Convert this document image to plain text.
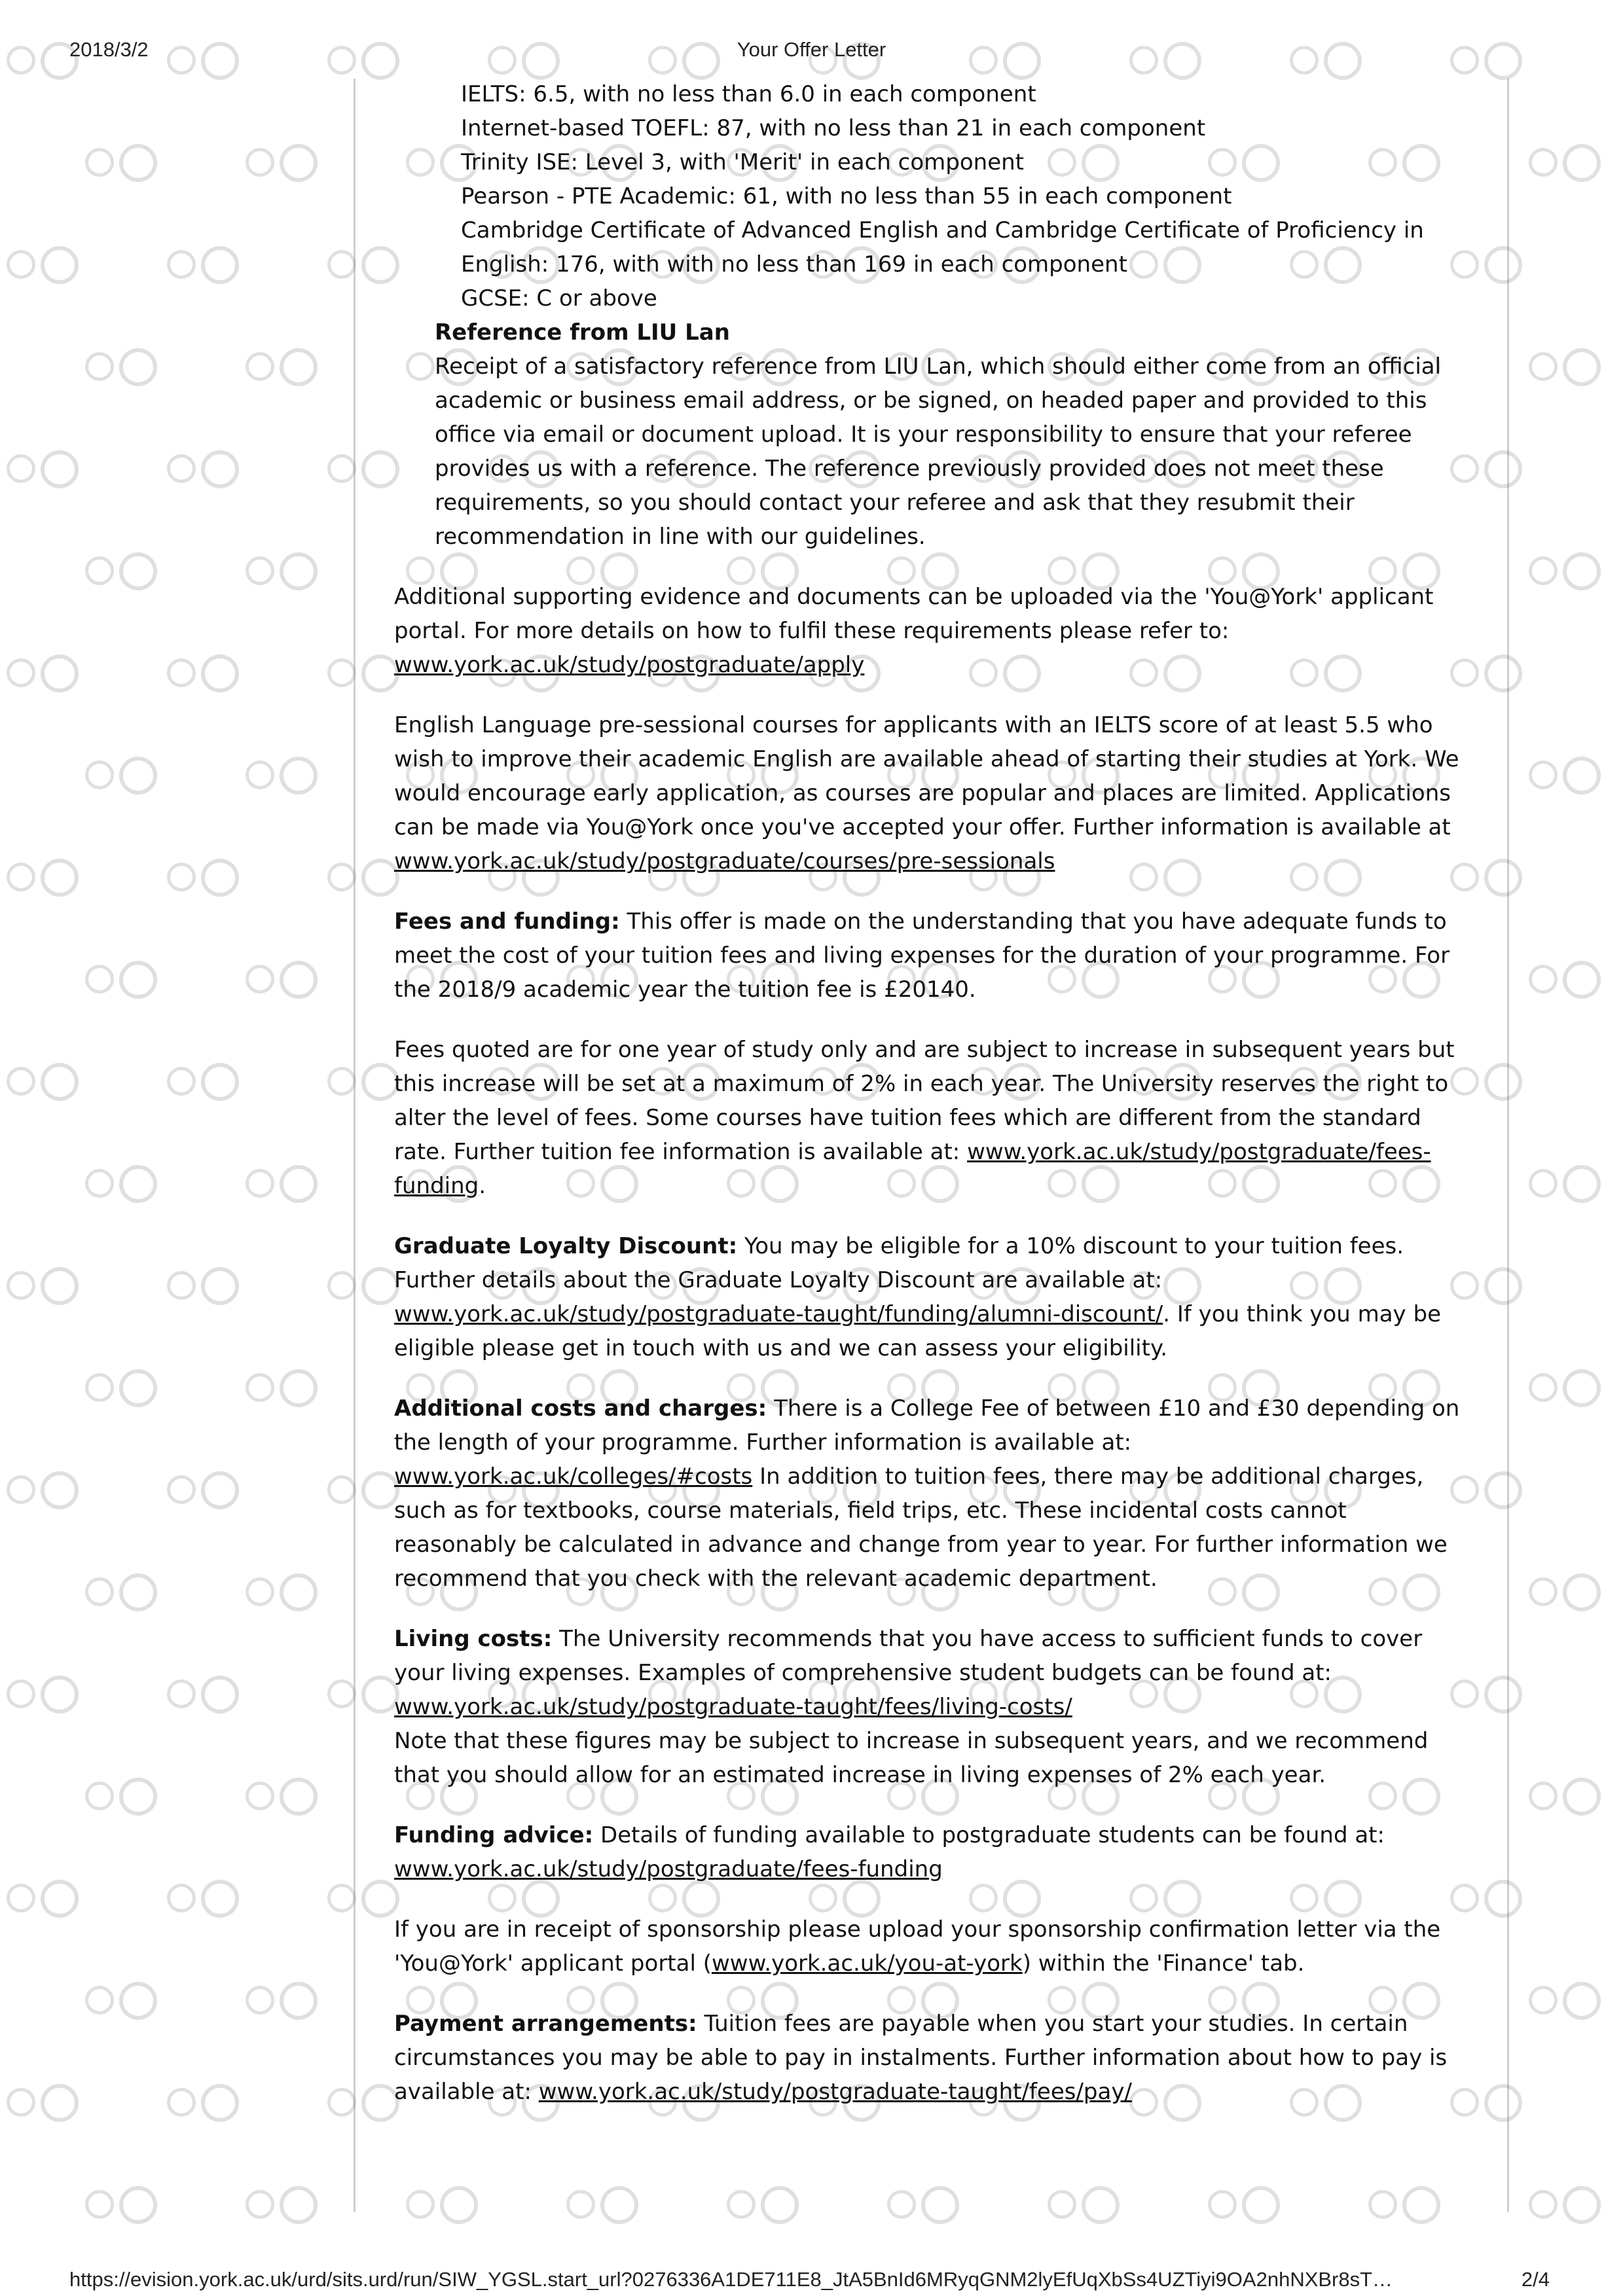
2018/3/2	Your Offer Letter
IELTS: 6.5, with no less than 6.0 in each component
Internet-based TOEFL: 87, with no less than 21 in each component
Trinity ISE: Level 3, with 'Merit' in each component
Pearson - PTE Academic: 61, with no less than 55 in each component
Cambridge Certificate of Advanced English and Cambridge Certificate of Proficiency in English: 176, with with no less than 169 in each component
GCSE: C or above

Reference from LIU Lan
Receipt of a satisfactory reference from LIU Lan, which should either come from an official academic or business email address, or be signed, on headed paper and provided to this office via email or document upload. It is your responsibility to ensure that your referee provides us with a reference. The reference previously provided does not meet these requirements, so you should contact your referee and ask that they resubmit their recommendation in line with our guidelines.

Additional supporting evidence and documents can be uploaded via the 'You@York' applicant portal. For more details on how to fulfil these requirements please refer to: www.york.ac.uk/study/postgraduate/apply

English Language pre-sessional courses for applicants with an IELTS score of at least 5.5 who wish to improve their academic English are available ahead of starting their studies at York. We would encourage early application, as courses are popular and places are limited. Applications can be made via You@York once you've accepted your offer. Further information is available at www.york.ac.uk/study/postgraduate/courses/pre-sessionals

Fees and funding: This offer is made on the understanding that you have adequate funds to meet the cost of your tuition fees and living expenses for the duration of your programme. For the 2018/9 academic year the tuition fee is £20140.

Fees quoted are for one year of study only and are subject to increase in subsequent years but this increase will be set at a maximum of 2% in each year. The University reserves the right to alter the level of fees. Some courses have tuition fees which are different from the standard rate. Further tuition fee information is available at: www.york.ac.uk/study/postgraduate/fees-funding.

Graduate Loyalty Discount: You may be eligible for a 10% discount to your tuition fees. Further details about the Graduate Loyalty Discount are available at: www.york.ac.uk/study/postgraduate-taught/funding/alumni-discount/. If you think you may be eligible please get in touch with us and we can assess your eligibility.

Additional costs and charges: There is a College Fee of between £10 and £30 depending on the length of your programme. Further information is available at: www.york.ac.uk/colleges/#costs In addition to tuition fees, there may be additional charges, such as for textbooks, course materials, field trips, etc. These incidental costs cannot reasonably be calculated in advance and change from year to year. For further information we recommend that you check with the relevant academic department.

Living costs: The University recommends that you have access to sufficient funds to cover your living expenses. Examples of comprehensive student budgets can be found at:
www.york.ac.uk/study/postgraduate-taught/fees/living-costs/
Note that these figures may be subject to increase in subsequent years, and we recommend that you should allow for an estimated increase in living expenses of 2% each year.

Funding advice: Details of funding available to postgraduate students can be found at:
www.york.ac.uk/study/postgraduate/fees-funding

If you are in receipt of sponsorship please upload your sponsorship confirmation letter via the 'You@York' applicant portal (www.york.ac.uk/you-at-york) within the 'Finance' tab.

Payment arrangements: Tuition fees are payable when you start your studies. In certain circumstances you may be able to pay in instalments. Further information about how to pay is available at: www.york.ac.uk/study/postgraduate-taught/fees/pay/

https://evision.york.ac.uk/urd/sits.urd/run/SIW_YGSL.start_url?0276336A1DE711E8_JtA5BnId6MRyqGNM2lyEfUqXbSs4UZTiyi9OA2nhNXBr8sT…	2/4
